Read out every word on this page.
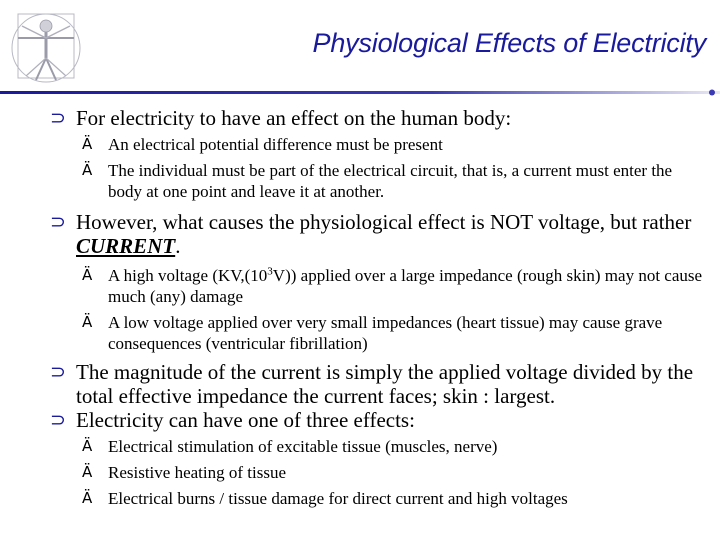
Physiological Effects of Electricity
⊃ For electricity to have an effect on the human body:
Ä An electrical potential difference must be present
Ä The individual must be part of the electrical circuit, that is, a current must enter the body at one point and leave it at another.
⊃ However, what causes the physiological effect is NOT voltage, but rather CURRENT.
Ä A high voltage $(KV,(10^3V))$ applied over a large impedance (rough skin) may not cause much (any) damage
Ä A low voltage applied over very small impedances (heart tissue) may cause grave consequences (ventricular fibrillation)
⊃ The magnitude of the current is simply the applied voltage divided by the total effective impedance the current faces; skin : largest.
⊃ Electricity can have one of three effects:
Ä Electrical stimulation of excitable tissue (muscles, nerve)
Ä Resistive heating of tissue
Ä Electrical burns / tissue damage for direct current and high voltages
